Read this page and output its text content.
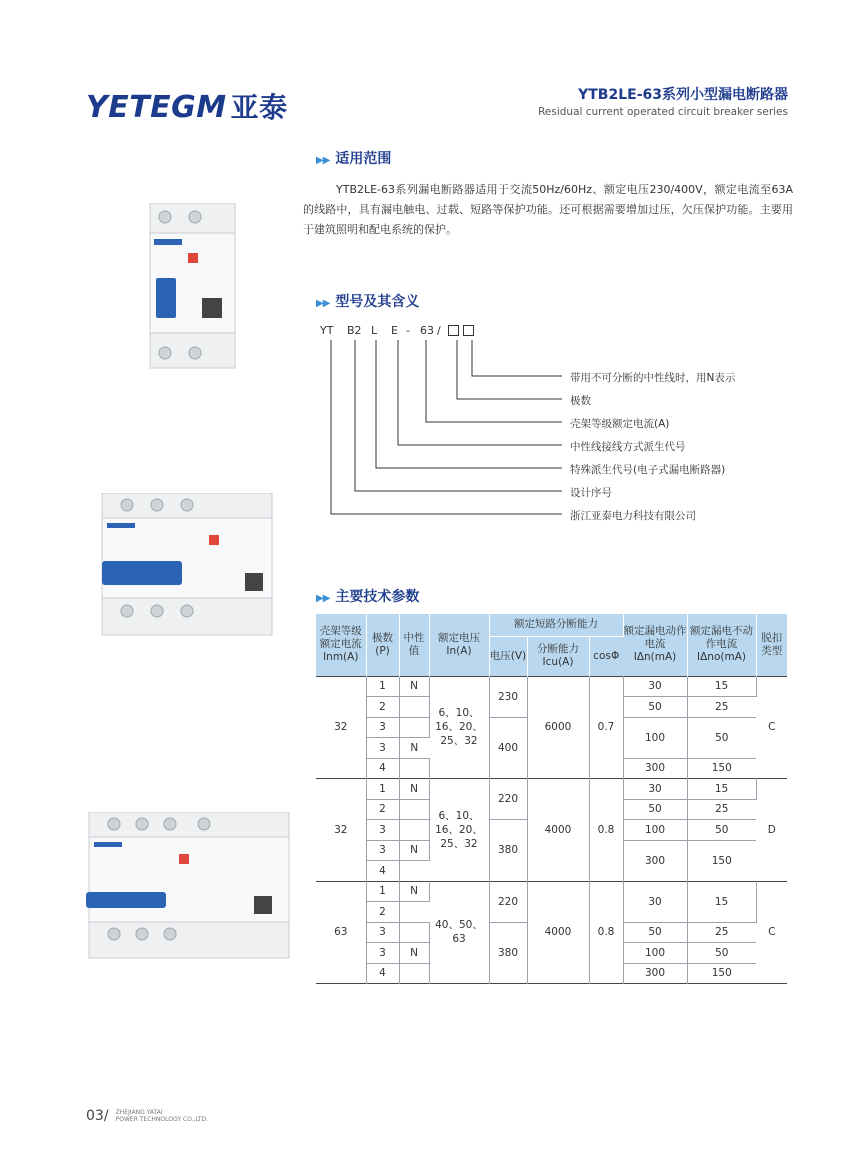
YETEGM 亚泰	YTB2LE-63系列小型漏电断路器
Residual current operated circuit breaker series
▶▶ 适用范围
YTB2LE-63系列漏电断路器适用于交流50Hz/60Hz、额定电压230/400V，额定电流至63A的线路中，具有漏电触电、过载、短路等保护功能。还可根据需要增加过压，欠压保护功能。主要用于建筑照明和配电系统的保护。
▶▶ 型号及其含义
YT B2 L E - 63 /
带用不可分断的中性线时，用N表示
极数
壳架等级额定电流(A)
中性线接线方式派生代号
特殊派生代号(电子式漏电断路器)
设计序号
浙江亚泰电力科技有限公司
▶▶ 主要技术参数
壳架等级额定电流Inm(A)	极数(P)	中性值	额定电压In(A)	额定短路分断能力			额定漏电动作电流IΔn(mA)	额定漏电不动作电流IΔno(mA)	脱扣类型
				电压(V)	分断能力Icu(A)	cosΦ			
32	1	N	6、10、16、20、25、32	230	6000	0.7	30	15	C
	2						50	25	
	3			400			100	50	
	3	N							
	4						300	150	
32	1	N	6、10、16、20、25、32	220	4000	0.8	30	15	D
	2						50	25	
	3			380			100	50	
	3	N					300	150	
	4								
63	1	N	40、50、63	220	4000	0.8	30	15	C
	2								
	3			380			50	25	
	3	N					100	50	
	4						300	150	
03/ ZHEJIANG YATAI
POWER TECHNOLOGY CO.,LTD.
